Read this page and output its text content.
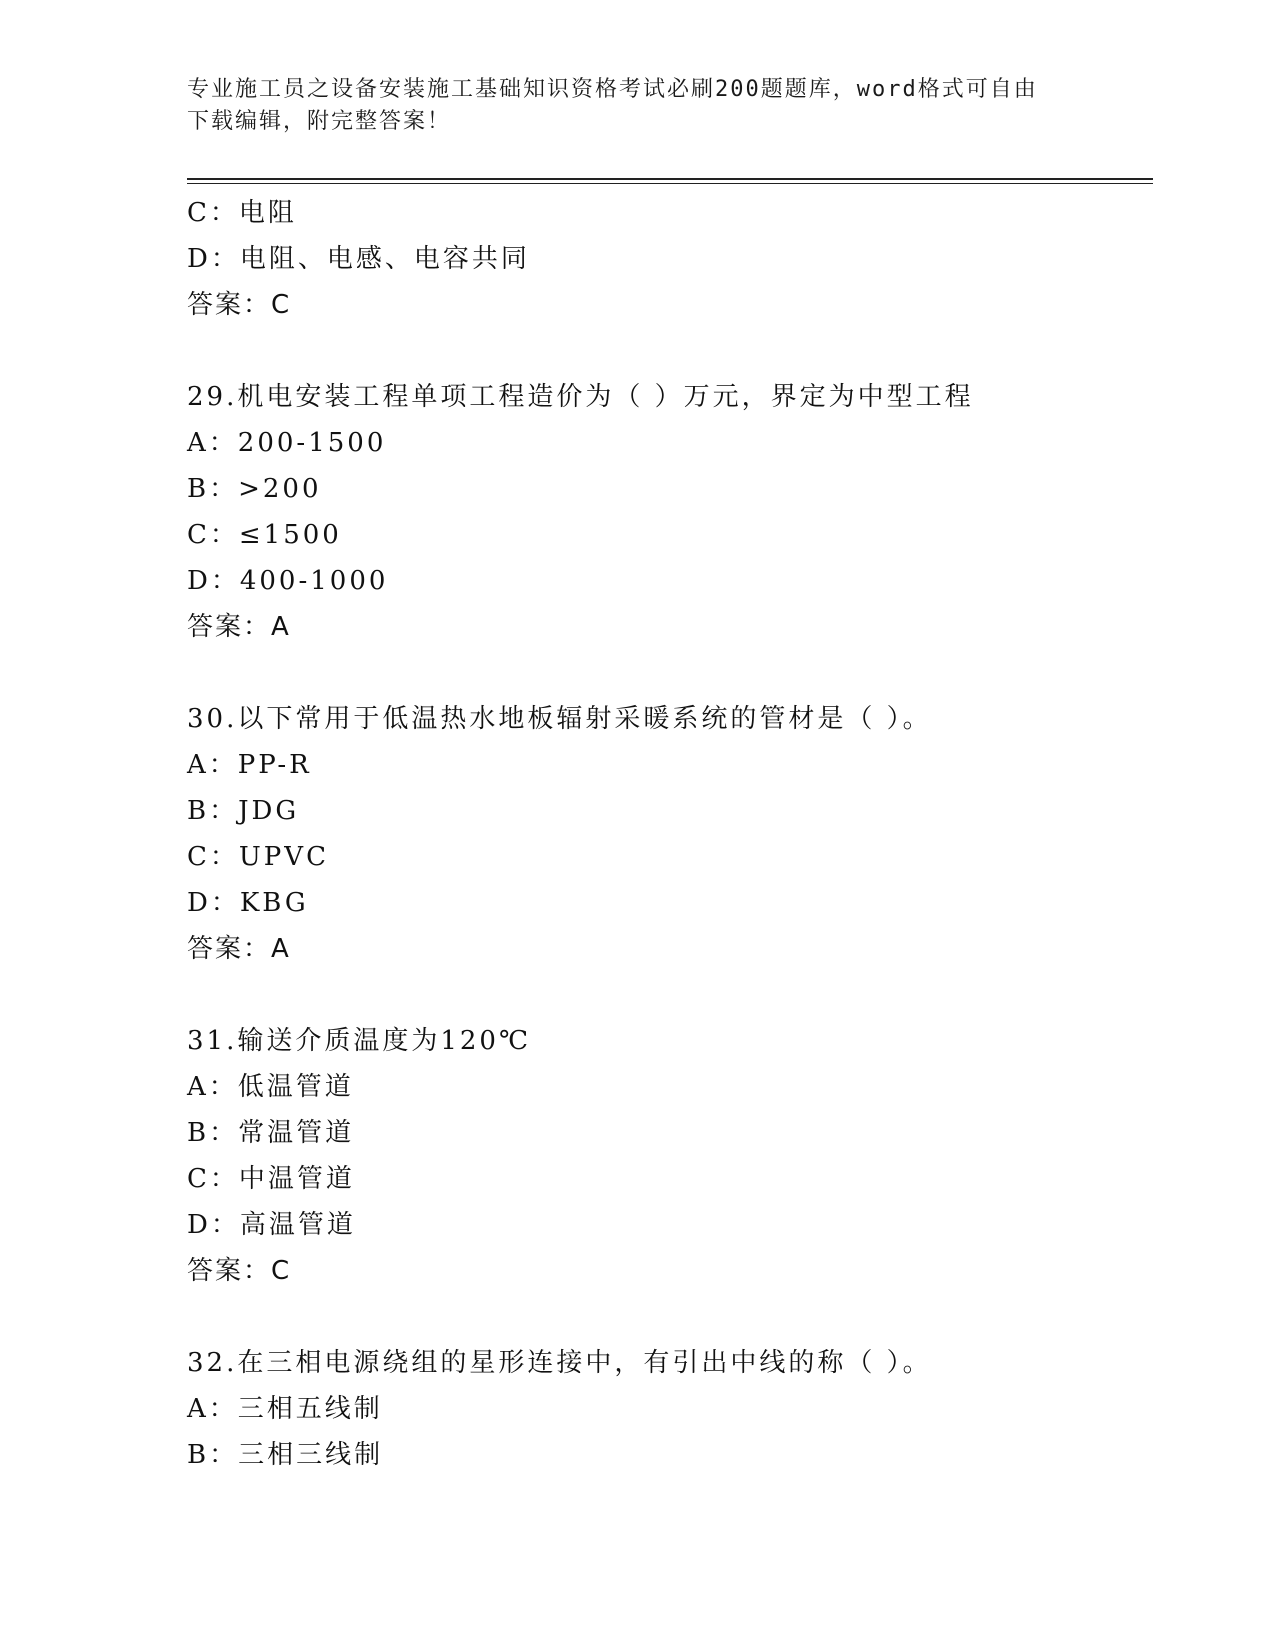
专业施工员之设备安装施工基础知识资格考试必刷200题题库，word格式可自由
下载编辑，附完整答案！
C：电阻
D：电阻、电感、电容共同
答案：C
29.机电安装工程单项工程造价为（ ）万元，界定为中型工程
A：200-1500
B：>200
C：≤1500
D：400-1000
答案：A
30.以下常用于低温热水地板辐射采暖系统的管材是（ ）。
A：PP-R
B：JDG
C：UPVC
D：KBG
答案：A
31.输送介质温度为120℃
A：低温管道
B：常温管道
C：中温管道
D：高温管道
答案：C
32.在三相电源绕组的星形连接中，有引出中线的称（ ）。
A：三相五线制
B：三相三线制
